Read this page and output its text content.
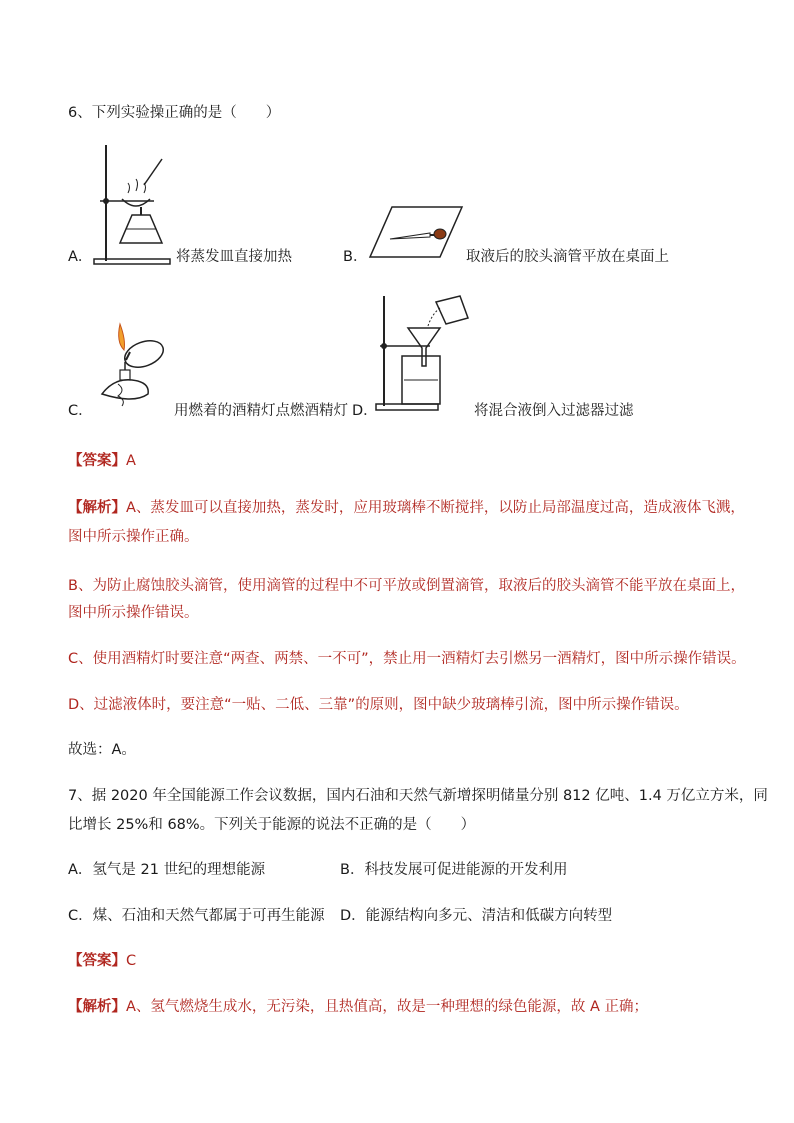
6、下列实验操正确的是（　　）
A．	将蒸发皿直接加热	B．	取液后的胶头滴管平放在桌面上
C．	用燃着的酒精灯点燃酒精灯 D．	将混合液倒入过滤器过滤
【答案】A
【解析】A、蒸发皿可以直接加热，蒸发时，应用玻璃棒不断搅拌，以防止局部温度过高，造成液体飞溅，
图中所示操作正确。
B、为防止腐蚀胶头滴管，使用滴管的过程中不可平放或倒置滴管，取液后的胶头滴管不能平放在桌面上，
图中所示操作错误。
C、使用酒精灯时要注意“两查、两禁、一不可”，禁止用一酒精灯去引燃另一酒精灯，图中所示操作错误。
D、过滤液体时，要注意“一贴、二低、三靠”的原则，图中缺少玻璃棒引流，图中所示操作错误。
故选：A。
7、据 2020 年全国能源工作会议数据，国内石油和天然气新增探明储量分别 812 亿吨、1.4 万亿立方米，同
比增长 25%和 68%。下列关于能源的说法不正确的是（　　）
A．氢气是 21 世纪的理想能源	B．科技发展可促进能源的开发利用
C．煤、石油和天然气都属于可再生能源 D．能源结构向多元、清洁和低碳方向转型
【答案】C
【解析】A、氢气燃烧生成水，无污染，且热值高，故是一种理想的绿色能源，故 A 正确；
